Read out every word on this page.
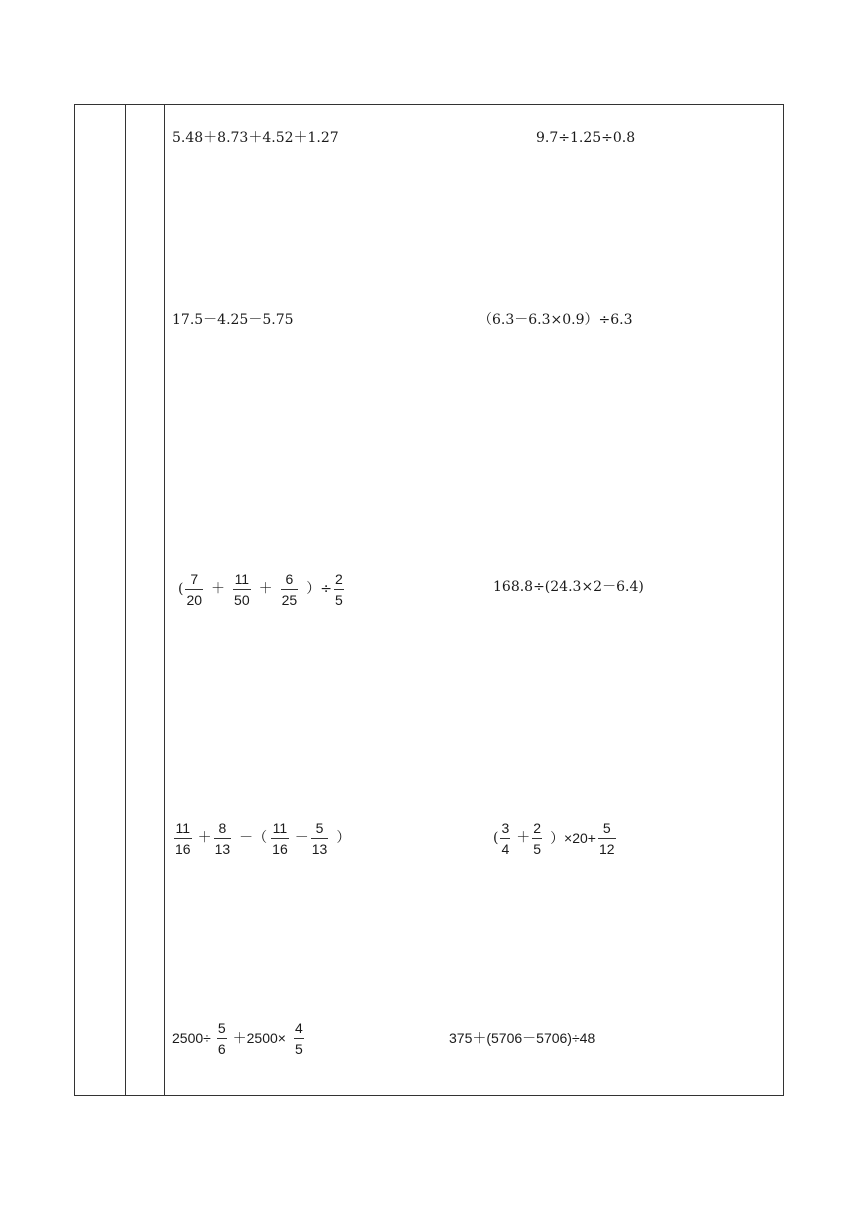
5.48＋8.73＋4.52＋1.27	9.7÷1.25÷0.8
17.5－4.25－5.75	（6.3－6.3×0.9）÷6.3
( $\frac{7}{20} + \frac{11}{50} + \frac{6}{25}$ ）÷ $\frac{2}{5}$	168.8÷(24.3×2－6.4)
$\frac{11}{16} + \frac{8}{13}$ －（ $\frac{11}{16} - \frac{5}{13}$ ）	( $\frac{3}{4} + \frac{2}{5} )\times 20+ \frac{5}{12}$
$2500\div \frac{5}{6} +2500\times \frac{4}{5}$	375＋(5706－5706)÷48
